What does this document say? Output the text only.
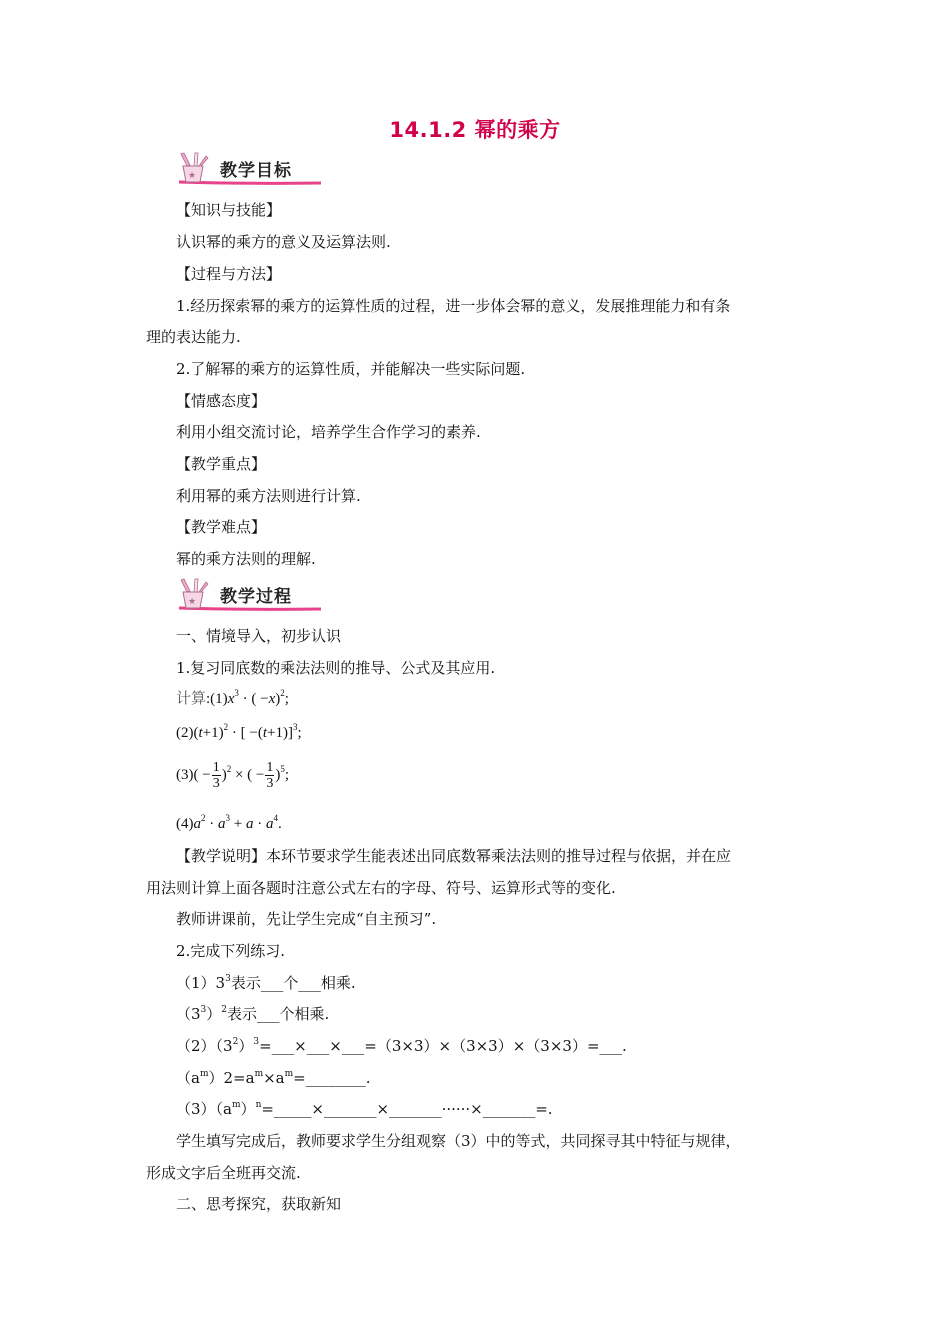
14.1.2 幂的乘方
★ 教学目标
【知识与技能】
认识幂的乘方的意义及运算法则.
【过程与方法】
1.经历探索幂的乘方的运算性质的过程，进一步体会幂的意义，发展推理能力和有条
理的表达能力.
2.了解幂的乘方的运算性质，并能解决一些实际问题.
【情感态度】
利用小组交流讨论，培养学生合作学习的素养.
【教学重点】
利用幂的乘方法则进行计算.
【教学难点】
幂的乘方法则的理解.
★ 教学过程
一、情境导入，初步认识
1.复习同底数的乘法法则的推导、公式及其应用.
计算$:(1)x^3$ · ( −x)$^2$;
$(2)(t+1)^2$ · [ −(t+1)]$^3$;
$(3)( - \frac{1}{3} )^2$ × ( − $\frac{1}{3} )^5$;
$(4)a^2 \cdot a^3 + a \cdot a^4$.
【教学说明】本环节要求学生能表述出同底数幂乘法法则的推导过程与依据，并在应
用法则计算上面各题时注意公式左右的字母、符号、运算形式等的变化.
教师讲课前，先让学生完成“自主预习”.
2.完成下列练习.
$(1)3^3$表示___个___相乘.
$(3^3)^2$表示___个相乘.
$(2)(3^2)^3=\_\_\_\times\_\_\_\times\_\_\_=(3\times 3)\times(3\times 3)\times(3\times 3)=\_\_\_$.
$(a^m)2=a^m\times a^m=\_\_\_\_\_\_\_\_$.
$(3)(a^m)^n=\_\_\_\_\_\times\_\_\_\_\_\_\_\times\_\_\_\_\_\_\_\cdot\cdot\cdot\cdot\cdot\cdot\times\_\_\_\_\_\_\_=$.
学生填写完成后，教师要求学生分组观察（3）中的等式，共同探寻其中特征与规律，
形成文字后全班再交流.
二、思考探究，获取新知
